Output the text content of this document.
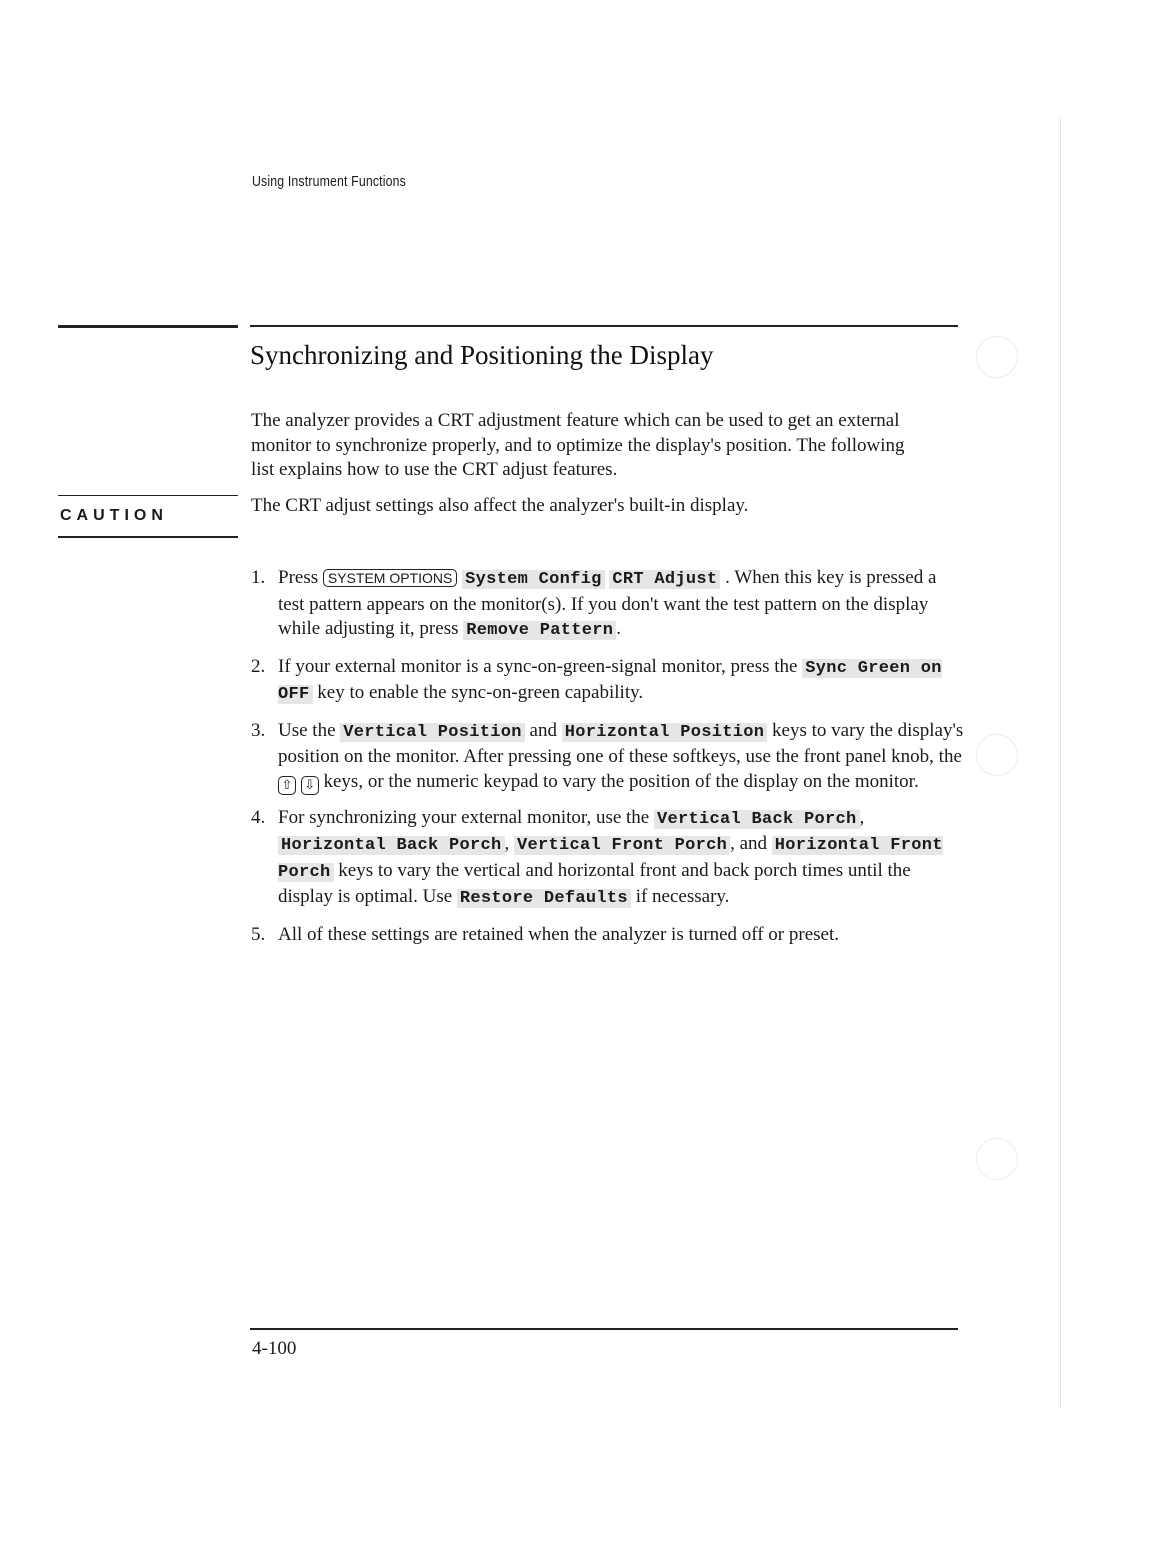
Using Instrument Functions
Synchronizing and Positioning the Display

The analyzer provides a CRT adjustment feature which can be used to get an external monitor to synchronize properly, and to optimize the display's position. The following list explains how to use the CRT adjust features.

CAUTION	The CRT adjust settings also affect the analyzer's built-in display.

1. Press SYSTEM OPTIONS System Config CRT Adjust . When this key is pressed a test pattern appears on the monitor(s). If you don't want the test pattern on the display while adjusting it, press Remove Pattern .
2. If your external monitor is a sync-on-green-signal monitor, press the Sync Green on OFF key to enable the sync-on-green capability.
3. Use the Vertical Position and Horizontal Position keys to vary the display's position on the monitor. After pressing one of these softkeys, use the front panel knob, the ⇧ ⇩ keys, or the numeric keypad to vary the position of the display on the monitor.
4. For synchronizing your external monitor, use the Vertical Back Porch , Horizontal Back Porch , Vertical Front Porch , and Horizontal Front Porch keys to vary the vertical and horizontal front and back porch times until the display is optimal. Use Restore Defaults if necessary.
5. All of these settings are retained when the analyzer is turned off or preset.
4-100
